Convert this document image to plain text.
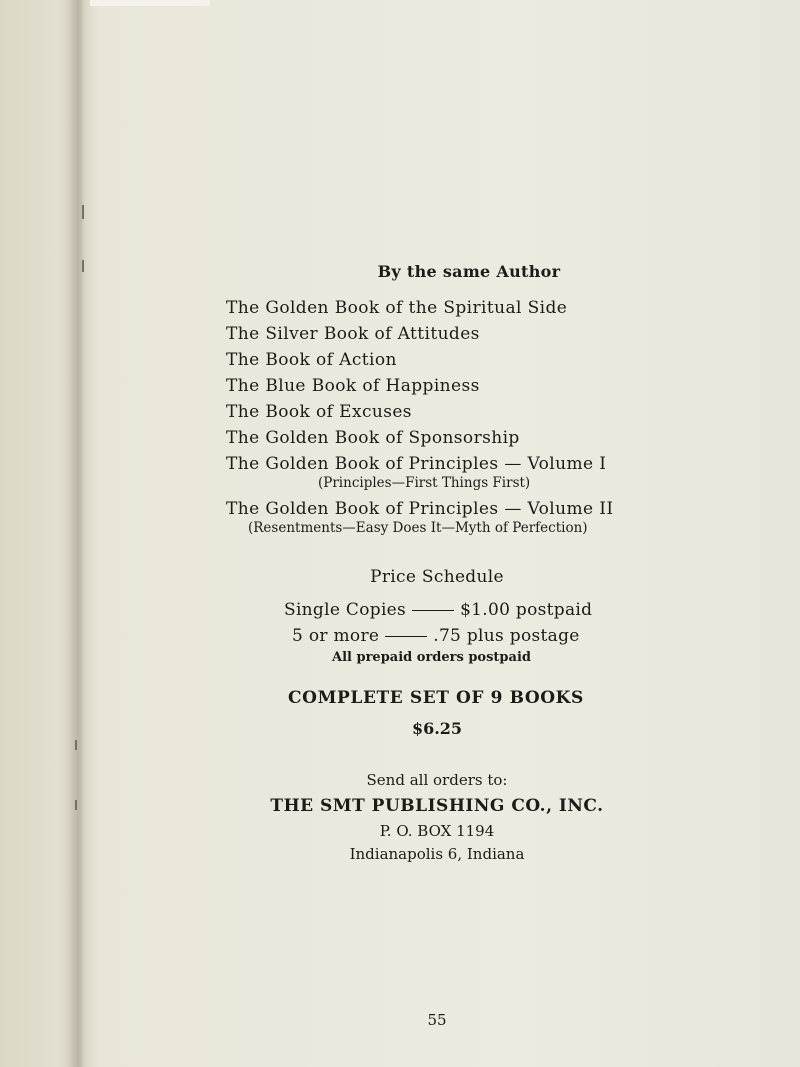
By the same Author
The Golden Book of the Spiritual Side
The Silver Book of Attitudes
The Book of Action
The Blue Book of Happiness
The Book of Excuses
The Golden Book of Sponsorship
The Golden Book of Principles — Volume I
(Principles—First Things First)
The Golden Book of Principles — Volume II
(Resentments—Easy Does It—Myth of Perfection)
Price Schedule
Single Copies	$1.00 postpaid
5 or more	.75 plus postage
All prepaid orders postpaid
COMPLETE SET OF 9 BOOKS
$6.25
Send all orders to:
THE SMT PUBLISHING CO., INC.
P. O. BOX 1194
Indianapolis 6, Indiana
55
